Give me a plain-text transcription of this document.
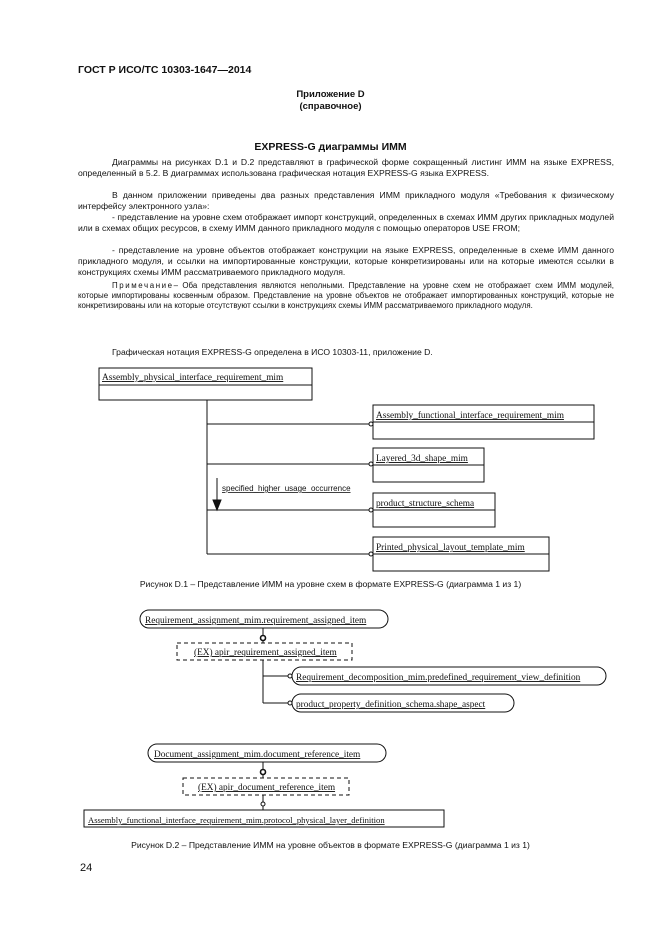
ГОСТ Р ИСО/ТС 10303-1647—2014
Приложение D
(справочное)
EXPRESS-G диаграммы ИММ
Диаграммы на рисунках D.1 и D.2 представляют в графической форме сокращенный листинг ИММ на языке EXPRESS, определенный в 5.2. В диаграммах использована графическая нотация EXPRESS-G языка EXPRESS.
В данном приложении приведены два разных представления ИММ прикладного модуля «Требования к физическому интерфейсу электронного узла»:
- представление на уровне схем отображает импорт конструкций, определенных в схемах ИММ других прикладных модулей или в схемах общих ресурсов, в схему ИММ данного прикладного модуля с помощью операторов USE FROM;
- представление на уровне объектов отображает конструкции на языке EXPRESS, определенные в схеме ИММ данного прикладного модуля, и ссылки на импортированные конструкции, которые конкретизированы или на которые имеются ссылки в конструкциях схемы ИММ рассматриваемого прикладного модуля.
Примечание– Оба представления являются неполными. Представление на уровне схем не отображает схем ИММ модулей, которые импортированы косвенным образом. Представление на уровне объектов не отображает импортированных конструкций, которые не конкретизированы или на которые отсутствуют ссылки в конструкциях схемы ИММ рассматриваемого прикладного модуля.
Графическая нотация EXPRESS-G определена в ИСО 10303-11, приложение D.
Assembly_physical_interface_requirement_mim
Assembly_functional_interface_requirement_mim
Layered_3d_shape_mim
product_structure_schema
Printed_physical_layout_template_mim
specified_higher_usage_occurrence
Requirement_assignment_mim.requirement_assigned_item
(EX) apir_requirement_assigned_item
Requirement_decomposition_mim.predefined_requirement_view_definition
product_property_definition_schema.shape_aspect
Document_assignment_mim.document_reference_item
(EX) apir_document_reference_item
Assembly_functional_interface_requirement_mim.protocol_physical_layer_definition
Рисунок D.1 – Представление ИММ на уровне схем в формате EXPRESS-G (диаграмма 1 из 1)
Рисунок D.2 – Представление ИММ на уровне объектов в формате EXPRESS-G (диаграмма 1 из 1)
24
